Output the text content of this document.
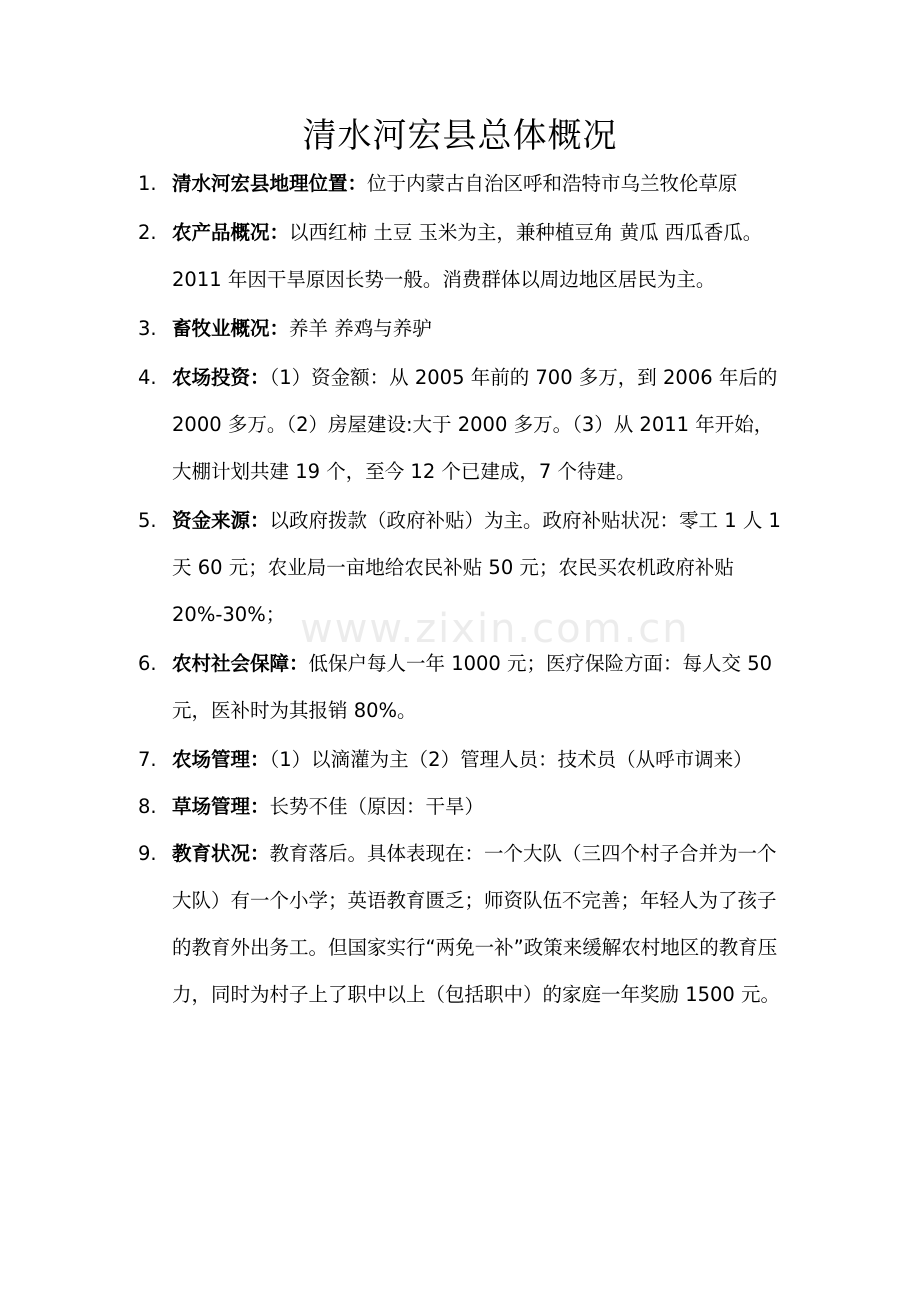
清水河宏县总体概况
1. 清水河宏县地理位置：位于内蒙古自治区呼和浩特市乌兰牧伦草原
2. 农产品概况：以西红柿 土豆 玉米为主，兼种植豆角 黄瓜 西瓜香瓜。2011 年因干旱原因长势一般。消费群体以周边地区居民为主。
3. 畜牧业概况：养羊 养鸡与养驴
4. 农场投资：（1）资金额：从 2005 年前的 700 多万，到 2006 年后的 2000 多万。（2）房屋建设:大于 2000 多万。（3）从 2011 年开始，大棚计划共建 19 个，至今 12 个已建成，7 个待建。
5. 资金来源：以政府拨款（政府补贴）为主。政府补贴状况：零工 1 人 1 天 60 元；农业局一亩地给农民补贴 50 元；农民买农机政府补贴 20%-30%；
6. 农村社会保障：低保户每人一年 1000 元；医疗保险方面：每人交 50 元，医补时为其报销 80%。
7. 农场管理：（1）以滴灌为主（2）管理人员：技术员（从呼市调来）
8. 草场管理：长势不佳（原因：干旱）
9. 教育状况：教育落后。具体表现在：一个大队（三四个村子合并为一个大队）有一个小学；英语教育匮乏；师资队伍不完善；年轻人为了孩子的教育外出务工。但国家实行“两免一补”政策来缓解农村地区的教育压力，同时为村子上了职中以上（包括职中）的家庭一年奖励 1500 元。
www.zixin.com.cn
